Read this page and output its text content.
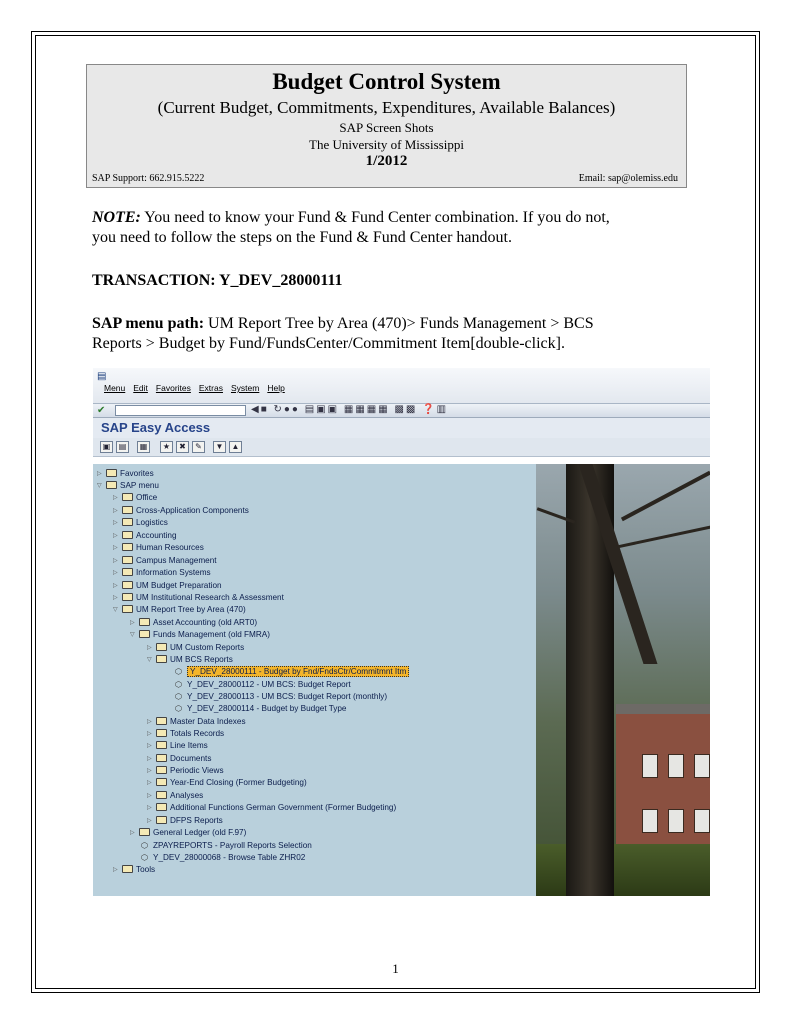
Budget Control System
(Current Budget, Commitments, Expenditures, Available Balances)
SAP Screen Shots
The University of Mississippi
1/2012
SAP Support: 662.915.5222	Email: sap@olemiss.edu
NOTE: You need to know your Fund & Fund Center combination. If you do not,
you need to follow the steps on the Fund & Fund Center handout.
TRANSACTION: Y_DEV_28000111
SAP menu path: UM Report Tree by Area (470)> Funds Management > BCS
Reports > Budget by Fund/FundsCenter/Commitment Item[double-click].
▤
Menu Edit Favorites Extras System Help
✔	◀■ ↻●● ▤▣▣ ▦▦▦▦ ▩▩ ❓▥
SAP Easy Access
▣	▤	▦	★	✖	✎	▼	▲
▷ Favorites
▽ SAP menu
▷ Office
▷ Cross-Application Components
▷ Logistics
▷ Accounting
▷ Human Resources
▷ Campus Management
▷ Information Systems
▷ UM Budget Preparation
▷ UM Institutional Research & Assessment
▽ UM Report Tree by Area (470)
▷ Asset Accounting (old ART0)
▽ Funds Management (old FMRA)
▷ UM Custom Reports
▽ UM BCS Reports
⬡ Y_DEV_28000111 - Budget by Fnd/FndsCtr/Commitmnt Itm
⬡ Y_DEV_28000112 - UM BCS: Budget Report
⬡ Y_DEV_28000113 - UM BCS: Budget Report (monthly)
⬡ Y_DEV_28000114 - Budget by Budget Type
▷ Master Data Indexes
▷ Totals Records
▷ Line Items
▷ Documents
▷ Periodic Views
▷ Year-End Closing (Former Budgeting)
▷ Analyses
▷ Additional Functions German Government (Former Budgeting)
▷ DFPS Reports
▷ General Ledger (old F.97)
⬡ ZPAYREPORTS - Payroll Reports Selection
⬡ Y_DEV_28000068 - Browse Table ZHR02
▷ Tools
1
